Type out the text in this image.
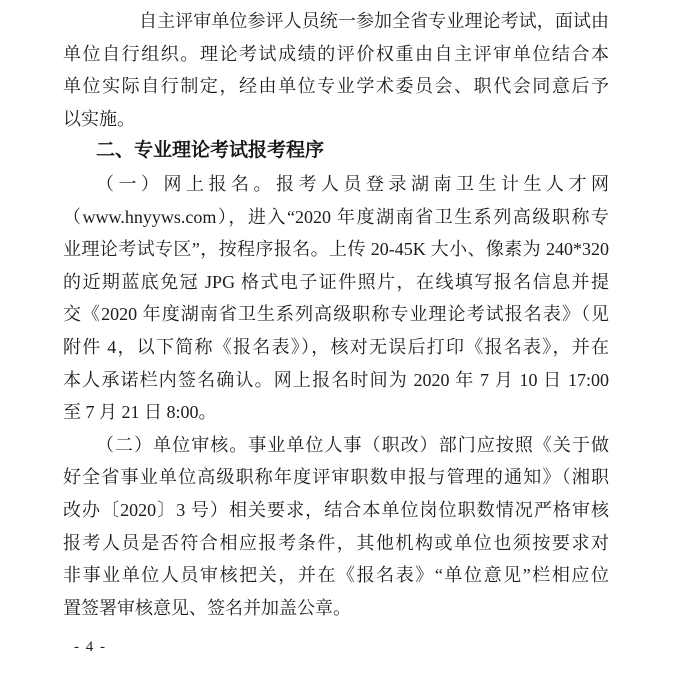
自主评审单位参评人员统一参加全省专业理论考试，面试由
单位自行组织。理论考试成绩的评价权重由自主评审单位结合本
单位实际自行制定，经由单位专业学术委员会、职代会同意后予
以实施。
二、专业理论考试报考程序
（一）网上报名。报考人员登录湖南卫生计生人才网
（www.hnyyws.com），进入“2020 年度湖南省卫生系列高级职称专
业理论考试专区”，按程序报名。上传 20-45K 大小、像素为 240*320
的近期蓝底免冠 JPG 格式电子证件照片，在线填写报名信息并提
交《2020 年度湖南省卫生系列高级职称专业理论考试报名表》（见
附件 4，以下简称《报名表》），核对无误后打印《报名表》，并在
本人承诺栏内签名确认。网上报名时间为 2020 年 7 月 10 日 17:00
至 7 月 21 日 8:00。
（二）单位审核。事业单位人事（职改）部门应按照《关于做
好全省事业单位高级职称年度评审职数申报与管理的通知》（湘职
改办〔2020〕3 号）相关要求，结合本单位岗位职数情况严格审核
报考人员是否符合相应报考条件，其他机构或单位也须按要求对
非事业单位人员审核把关，并在《报名表》“单位意见”栏相应位
置签署审核意见、签名并加盖公章。
- 4 -
